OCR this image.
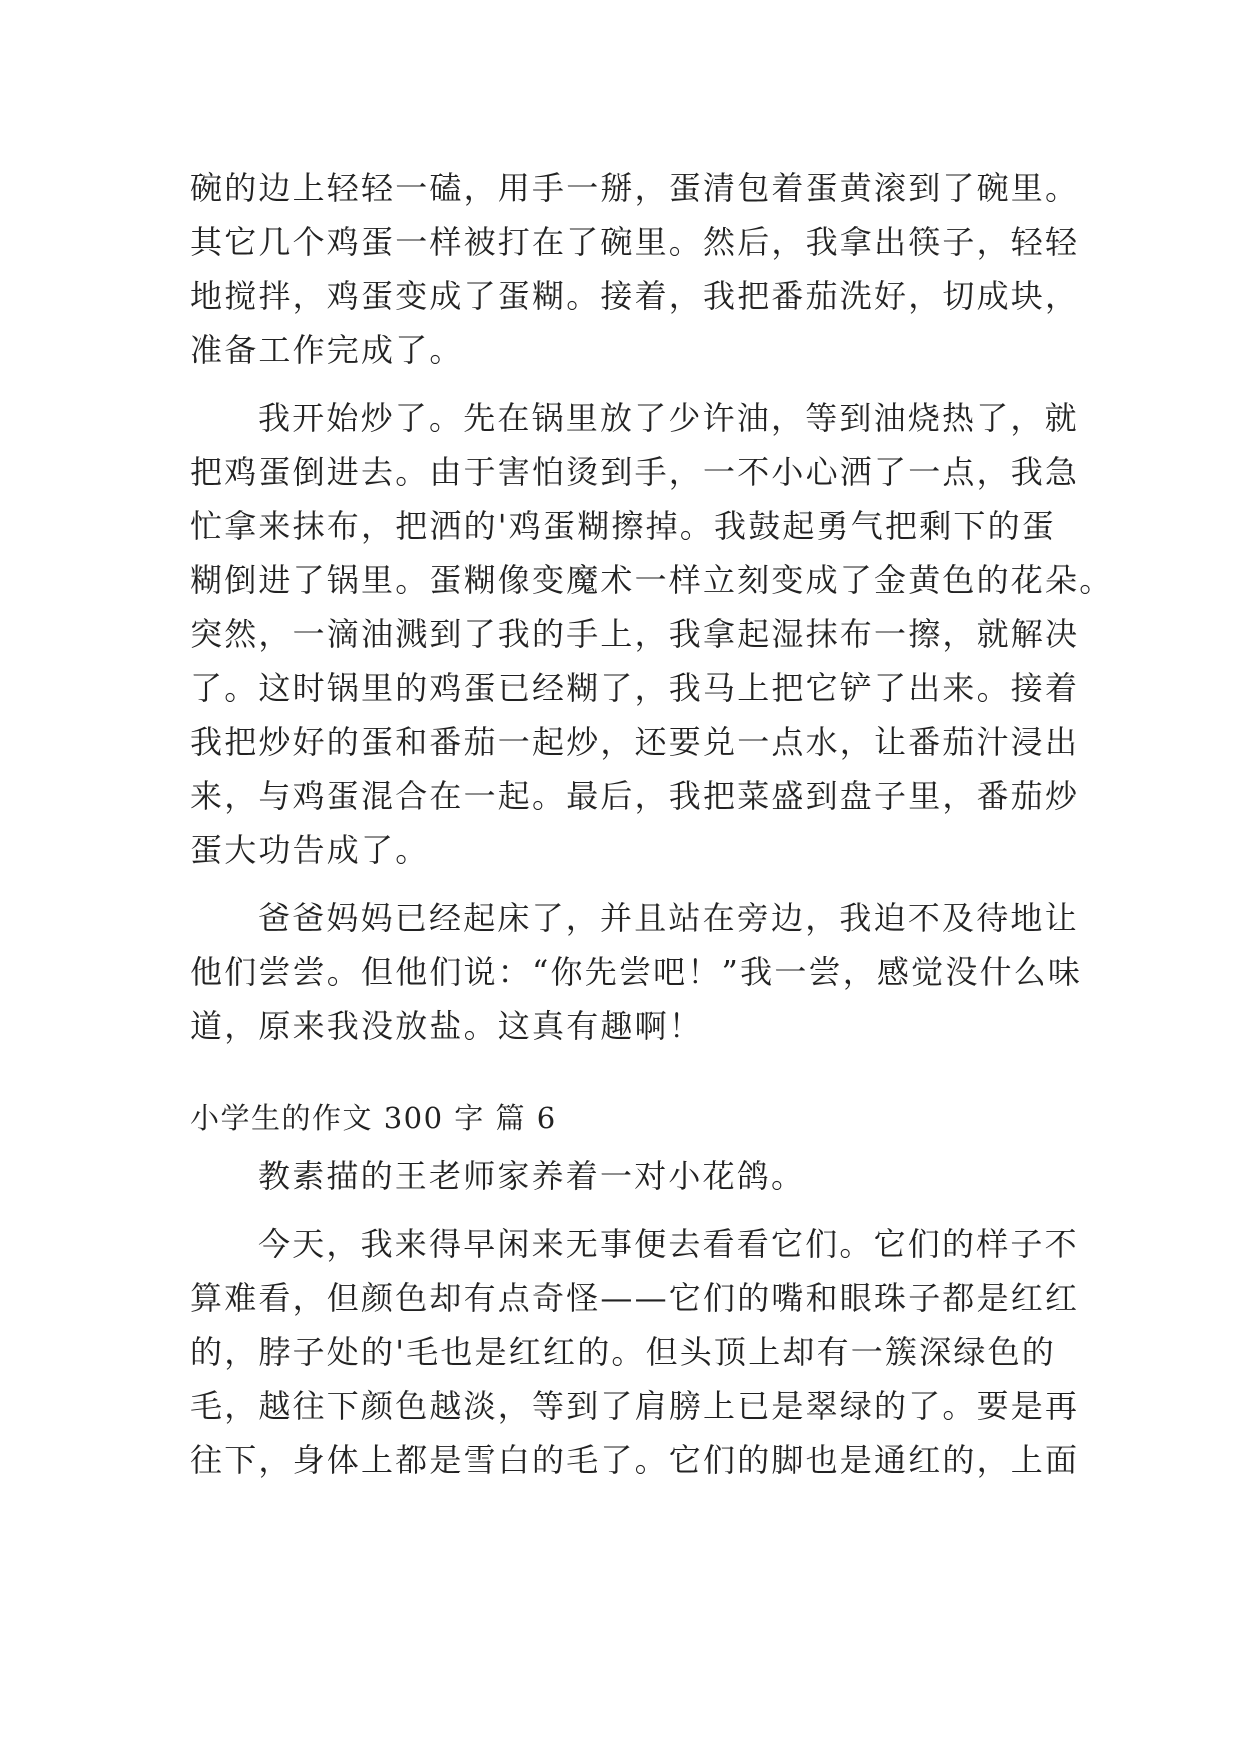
碗的边上轻轻一磕，用手一掰，蛋清包着蛋黄滚到了碗里。
其它几个鸡蛋一样被打在了碗里。然后，我拿出筷子，轻轻
地搅拌，鸡蛋变成了蛋糊。接着，我把番茄洗好，切成块，
准备工作完成了。
我开始炒了。先在锅里放了少许油，等到油烧热了，就
把鸡蛋倒进去。由于害怕烫到手，一不小心洒了一点，我急
忙拿来抹布，把洒的'鸡蛋糊擦掉。我鼓起勇气把剩下的蛋
糊倒进了锅里。蛋糊像变魔术一样立刻变成了金黄色的花朵。
突然，一滴油溅到了我的手上，我拿起湿抹布一擦，就解决
了。这时锅里的鸡蛋已经糊了，我马上把它铲了出来。接着
我把炒好的蛋和番茄一起炒，还要兑一点水，让番茄汁浸出
来，与鸡蛋混合在一起。最后，我把菜盛到盘子里，番茄炒
蛋大功告成了。
爸爸妈妈已经起床了，并且站在旁边，我迫不及待地让
他们尝尝。但他们说：“你先尝吧！”我一尝，感觉没什么味
道，原来我没放盐。这真有趣啊！
小学生的作文 300 字 篇 6
教素描的王老师家养着一对小花鸽。
今天，我来得早闲来无事便去看看它们。它们的样子不
算难看，但颜色却有点奇怪——它们的嘴和眼珠子都是红红
的，脖子处的'毛也是红红的。但头顶上却有一簇深绿色的
毛，越往下颜色越淡，等到了肩膀上已是翠绿的了。要是再
往下，身体上都是雪白的毛了。它们的脚也是通红的，上面
